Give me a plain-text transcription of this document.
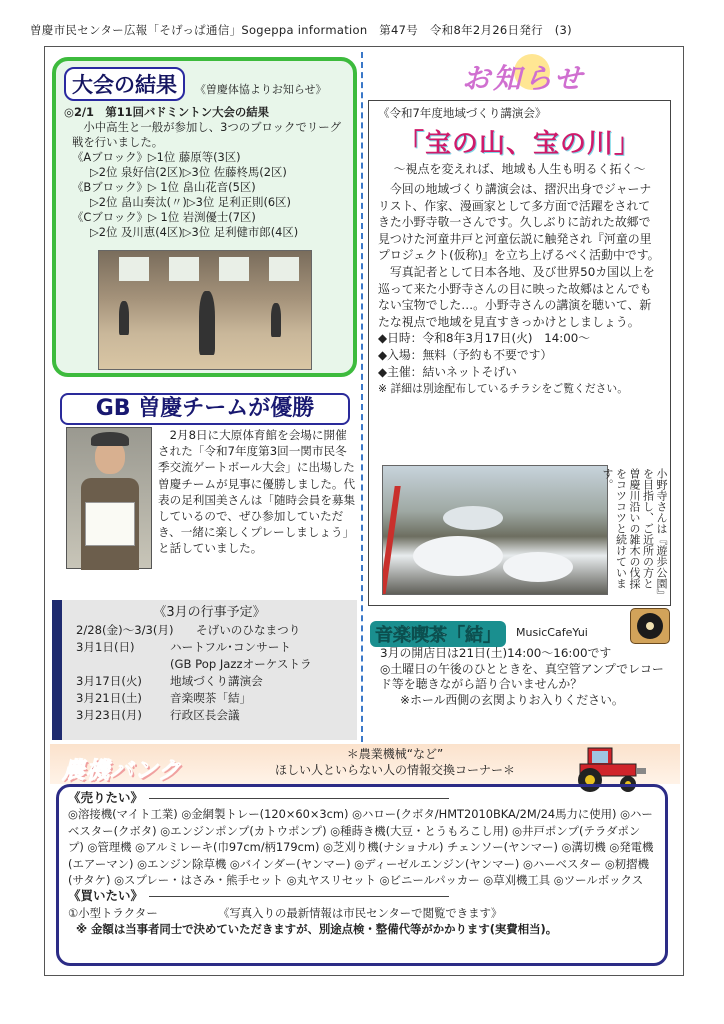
曽慶市民センター広報「そげっぱ通信」Sogeppa information　第47号　令和8年2月26日発行　(3)
大会の結果 《曽慶体協よりお知らせ》

◎2/1　第11回バドミントン大会の結果

小中高生と一般が参加し、3つのブロックでリーグ戦を行いました。

《Aブロック》▷1位 藤原等(3区)

▷2位 泉好信(2区)▷3位 佐藤柊馬(2区)

《Bブロック》▷ 1位 畠山花音(5区)

▷2位 畠山奏汰(〃)▷3位 足利正則(6区)

《Cブロック》▷ 1位 岩渕優士(7区)

▷2位 及川恵(4区)▷3位 足利健市郎(4区)

GB 曽慶チームが優勝
2月8日に大原体育館を会場に開催された「令和7年度第3回一関市民冬季交流ゲートボール大会」に出場した曽慶チームが見事に優勝しました。代表の足利国美さんは「随時会員を募集しているので、ぜひ参加していただき、一緒に楽しくプレーしましょう」と話していました。
《3月の行事予定》
2/28(金)〜3/3(月)	そげいのひなまつり
3月1日(日)	ハートフル･コンサート
(GB Pop Jazzオーケストラ
3月17日(火)	地域づくり講演会
3月21日(土)	音楽喫茶「結」
3月23日(月)	行政区長会議
お知らせ
《令和7年度地域づくり講演会》
「宝の山、宝の川」
〜視点を変えれば、地域も人生も明るく拓く〜

今回の地域づくり講演会は、摺沢出身でジャーナリスト、作家、漫画家として多方面で活躍をされてきた小野寺敬一さんです。久しぶりに訪れた故郷で見つけた河童井戸と河童伝説に触発され『河童の里プロジェクト(仮称)』を立ち上げるべく活動中です。

写真記者として日本各地、及び世界50カ国以上を巡って来た小野寺さんの目に映った故郷はとんでもない宝物でした…。小野寺さんの講演を聴いて、新たな視点で地域を見直すきっかけとしましょう。

◆日時：令和8年3月17日(火)　14:00〜

◆入場：無料（予約も不要です）

◆主催：結いネットそげい

※ 詳細は別途配布しているチラシをご覧ください。

小野寺さんは『遊歩公園』を目指し、ご近所の方と曽慶川沿いの雑木の伐採をコツコツと続けています。
音楽喫茶「結」	MusicCafeYui

3月の開店日は21日(土)14:00〜16:00です

◎土曜日の午後のひとときを、真空管アンプでレコード等を聴きながら語り合いませんか？

※ホール西側の玄関よりお入りください。

農機バンク
＊農業機械“など”
ほしい人といらない人の情報交換コーナー＊
《売りたい》

◎溶接機(マイト工業) ◎金網製トレー(120×60×3cm) ◎ハロー(クボタ/HMT2010BKA/2M/24馬力に使用) ◎ハーベスター(クボタ) ◎エンジンポンプ(カトウポンプ) ◎種蒔き機(大豆・とうもろこし用) ◎井戸ポンプ(テラダポンプ) ◎管理機 ◎アルミレーキ(巾97cm/柄179cm) ◎芝刈り機(ナショナル) チェンソー(ヤンマー) ◎溝切機 ◎発電機(エアーマン) ◎エンジン除草機 ◎バインダー(ヤンマー) ◎ディーゼルエンジン(ヤンマー) ◎ハーベスター ◎籾摺機(サタケ) ◎スプレー・はさみ・熊手セット ◎丸ヤスリセット ◎ビニールパッカー ◎草刈機工具 ◎ツールボックス

《買いたい》
①小型トラクター	《写真入りの最新情報は市民センターで閲覧できます》

※ 金額は当事者同士で決めていただきますが、別途点検・整備代等がかかります(実費相当)。
